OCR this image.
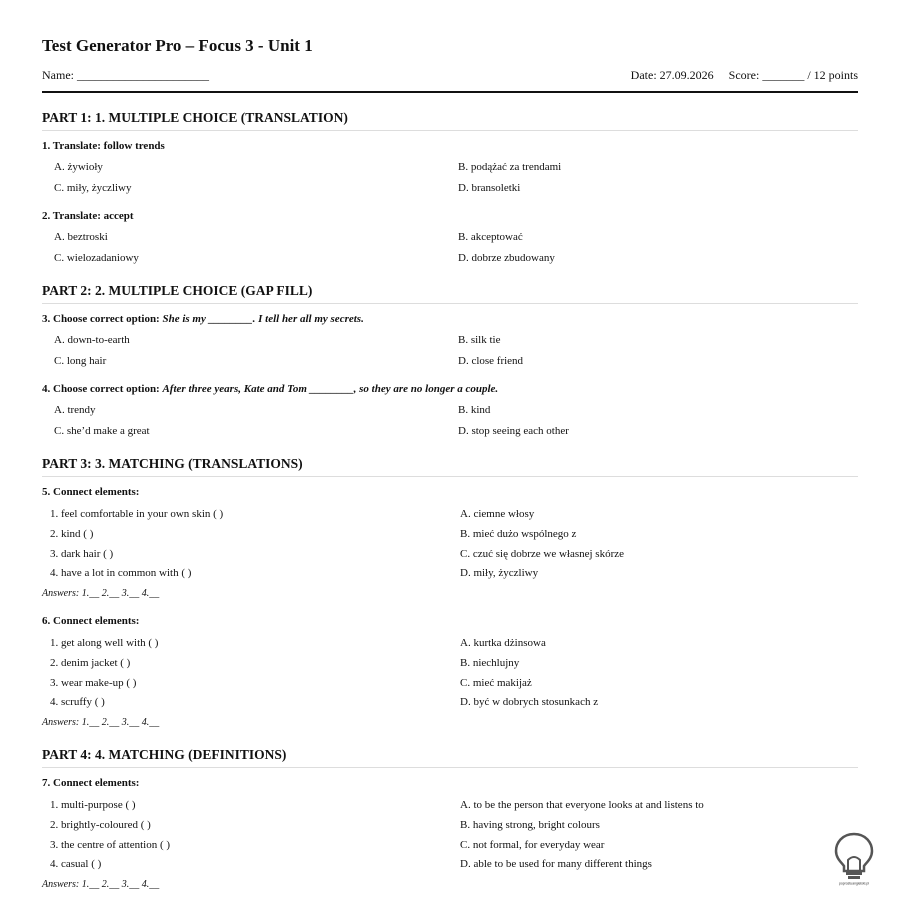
Test Generator Pro – Focus 3 - Unit 1
Name: ______________________	Date: 27.09.2026 Score: _______ / 12 points
PART 1: 1. MULTIPLE CHOICE (TRANSLATION)
1. Translate: follow trends
A. żywioły	B. podążać za trendami
C. miły, życzliwy	D. bransoletki
2. Translate: accept
A. beztroski	B. akceptować
C. wielozadaniowy	D. dobrze zbudowany
PART 2: 2. MULTIPLE CHOICE (GAP FILL)
3. Choose correct option: She is my ________. I tell her all my secrets.
A. down-to-earth	B. silk tie
C. long hair	D. close friend
4. Choose correct option: After three years, Kate and Tom ________, so they are no longer a couple.
A. trendy	B. kind
C. she’d make a great	D. stop seeing each other
PART 3: 3. MATCHING (TRANSLATIONS)
5. Connect elements:
1. feel comfortable in your own skin ( )	A. ciemne włosy
2. kind ( )	B. mieć dużo wspólnego z
3. dark hair ( )	C. czuć się dobrze we własnej skórze
4. have a lot in common with ( )	D. miły, życzliwy
Answers: 1.__ 2.__ 3.__ 4.__
6. Connect elements:
1. get along well with ( )	A. kurtka dżinsowa
2. denim jacket ( )	B. niechlujny
3. wear make-up ( )	C. mieć makijaż
4. scruffy ( )	D. być w dobrych stosunkach z
Answers: 1.__ 2.__ 3.__ 4.__
PART 4: 4. MATCHING (DEFINITIONS)
7. Connect elements:
1. multi-purpose ( )	A. to be the person that everyone looks at and listens to
2. brightly-coloured ( )	B. having strong, bright colours
3. the centre of attention ( )	C. not formal, for everyday wear
4. casual ( )	D. able to be used for many different things
Answers: 1.__ 2.__ 3.__ 4.__	poprostuangielski.pl
